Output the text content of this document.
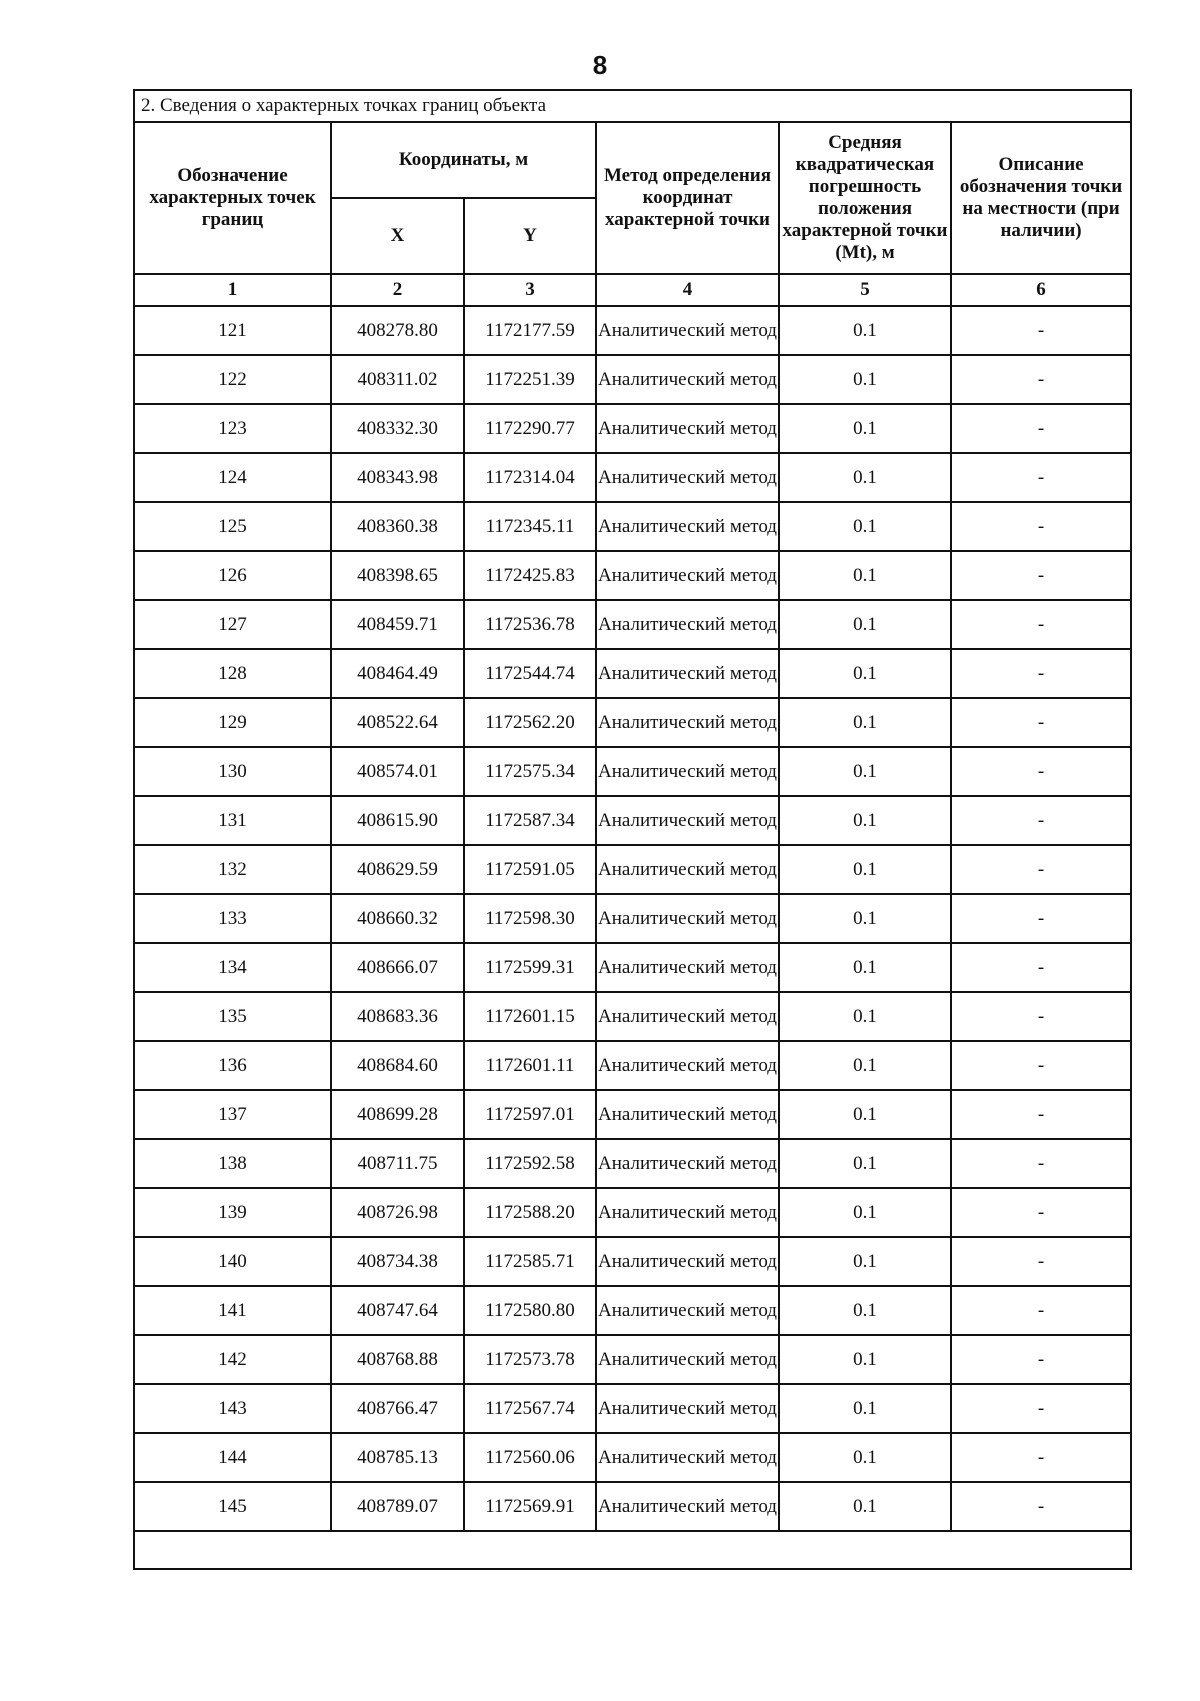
8
2. Сведения о характерных точках границ объекта					
Обозначение характерных точек границ	Координаты, м		Метод определения координат характерной точки	Средняя квадратическая погрешность положения характерной точки (Mt), м	Описание обозначения точки на местности (при наличии)
	X	Y			
1	2	3	4	5	6
121	408278.80	1172177.59	Аналитический метод	0.1	-
122	408311.02	1172251.39	Аналитический метод	0.1	-
123	408332.30	1172290.77	Аналитический метод	0.1	-
124	408343.98	1172314.04	Аналитический метод	0.1	-
125	408360.38	1172345.11	Аналитический метод	0.1	-
126	408398.65	1172425.83	Аналитический метод	0.1	-
127	408459.71	1172536.78	Аналитический метод	0.1	-
128	408464.49	1172544.74	Аналитический метод	0.1	-
129	408522.64	1172562.20	Аналитический метод	0.1	-
130	408574.01	1172575.34	Аналитический метод	0.1	-
131	408615.90	1172587.34	Аналитический метод	0.1	-
132	408629.59	1172591.05	Аналитический метод	0.1	-
133	408660.32	1172598.30	Аналитический метод	0.1	-
134	408666.07	1172599.31	Аналитический метод	0.1	-
135	408683.36	1172601.15	Аналитический метод	0.1	-
136	408684.60	1172601.11	Аналитический метод	0.1	-
137	408699.28	1172597.01	Аналитический метод	0.1	-
138	408711.75	1172592.58	Аналитический метод	0.1	-
139	408726.98	1172588.20	Аналитический метод	0.1	-
140	408734.38	1172585.71	Аналитический метод	0.1	-
141	408747.64	1172580.80	Аналитический метод	0.1	-
142	408768.88	1172573.78	Аналитический метод	0.1	-
143	408766.47	1172567.74	Аналитический метод	0.1	-
144	408785.13	1172560.06	Аналитический метод	0.1	-
145	408789.07	1172569.91	Аналитический метод	0.1	-
